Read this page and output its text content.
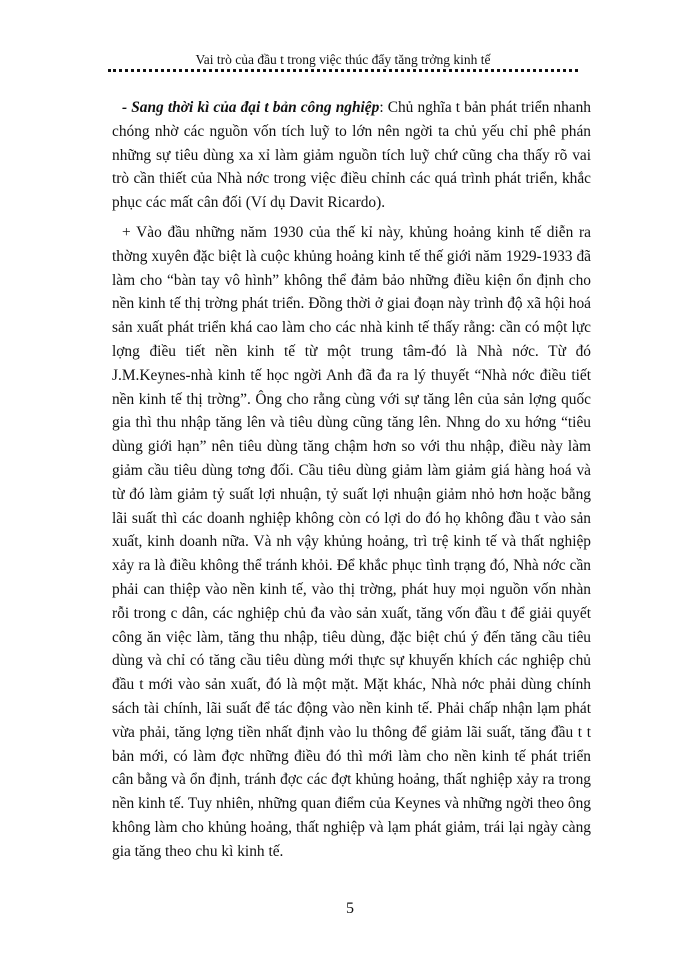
Vai trò của đầu t trong việc thúc đẩy tăng trởng kinh tế

- Sang thời kì của đại t bản công nghiệp: Chủ nghĩa t bản phát triển nhanh chóng nhờ các nguồn vốn tích luỹ to lớn nên ngời ta chủ yếu chỉ phê phán những sự tiêu dùng xa xỉ làm giảm nguồn tích luỹ chứ cũng cha thấy rõ vai trò cần thiết của Nhà nớc trong việc điều chỉnh các quá trình phát triển, khắc phục các mất cân đối (Ví dụ Davit Ricardo).

+ Vào đầu những năm 1930 của thế kỉ này, khủng hoảng kinh tế diễn ra thờng xuyên đặc biệt là cuộc khủng hoảng kinh tế thế giới năm 1929-1933 đã làm cho “bàn tay vô hình” không thể đảm bảo những điều kiện ổn định cho nền kinh tế thị trờng phát triển. Đồng thời ở giai đoạn này trình độ xã hội hoá sản xuất phát triển khá cao làm cho các nhà kinh tế thấy rằng: cần có một lực lợng điều tiết nền kinh tế từ một trung tâm-đó là Nhà nớc. Từ đó J.M.Keynes-nhà kinh tế học ngời Anh đã đa ra lý thuyết “Nhà nớc điều tiết nền kinh tế thị trờng”. Ông cho rằng cùng với sự tăng lên của sản lợng quốc gia thì thu nhập tăng lên và tiêu dùng cũng tăng lên. Nhng do xu hớng “tiêu dùng giới hạn” nên tiêu dùng tăng chậm hơn so với thu nhập, điều này làm giảm cầu tiêu dùng tơng đối. Cầu tiêu dùng giảm làm giảm giá hàng hoá và từ đó làm giảm tỷ suất lợi nhuận, tỷ suất lợi nhuận giảm nhỏ hơn hoặc bằng lãi suất thì các doanh nghiệp không còn có lợi do đó họ không đầu t vào sản xuất, kinh doanh nữa. Và nh vậy khủng hoảng, trì trệ kinh tế và thất nghiệp xảy ra là điều không thể tránh khỏi. Để khắc phục tình trạng đó, Nhà nớc cần phải can thiệp vào nền kinh tế, vào thị trờng, phát huy mọi nguồn vốn nhàn rỗi trong c dân, các nghiệp chủ đa vào sản xuất, tăng vốn đầu t để giải quyết công ăn việc làm, tăng thu nhập, tiêu dùng, đặc biệt chú ý đến tăng cầu tiêu dùng và chỉ có tăng cầu tiêu dùng mới thực sự khuyến khích các nghiệp chủ đầu t mới vào sản xuất, đó là một mặt. Mặt khác, Nhà nớc phải dùng chính sách tài chính, lãi suất để tác động vào nền kinh tế. Phải chấp nhận lạm phát vừa phải, tăng lợng tiền nhất định vào lu thông để giảm lãi suất, tăng đầu t t bản mới, có làm đợc những điều đó thì mới làm cho nền kinh tế phát triển cân bằng và ổn định, tránh đợc các đợt khủng hoảng, thất nghiệp xảy ra trong nền kinh tế. Tuy nhiên, những quan điểm của Keynes và những ngời theo ông không làm cho khủng hoảng, thất nghiệp và lạm phát giảm, trái lại ngày càng gia tăng theo chu kì kinh tế.

5
